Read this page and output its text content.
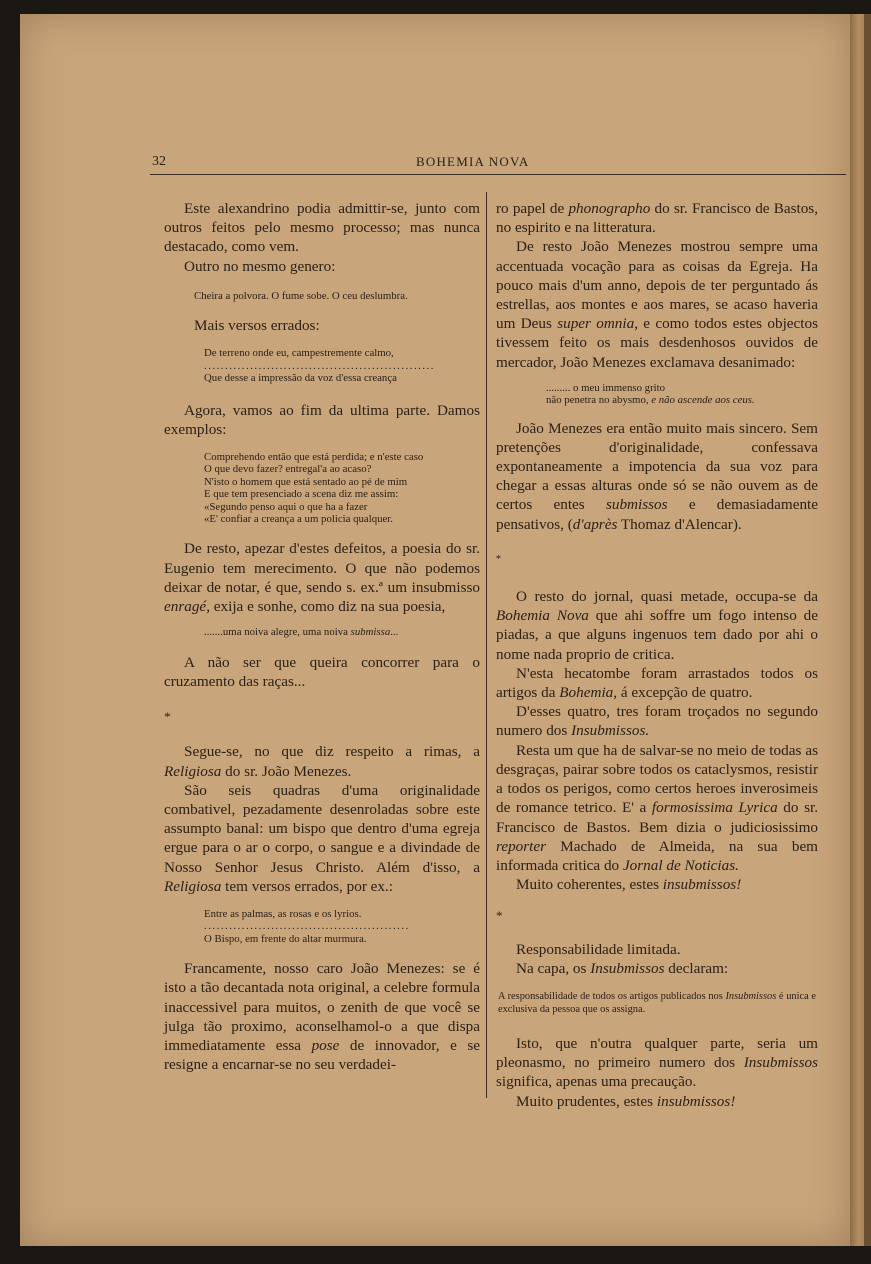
32	BOHEMIA NOVA

Este alexandrino podia admittir-se, junto com outros feitos pelo mesmo processo; mas nunca destacado, como vem.

Outro no mesmo genero:

Cheira a polvora. O fume sobe. O ceu deslumbra.

Mais versos errados:

De terreno onde eu, campestremente calmo,
.......................................................
Que desse a impressão da voz d'essa creança

Agora, vamos ao fim da ultima parte. Damos exemplos:

Comprehendo então que está perdida; e n'este caso
O que devo fazer? entregal'a ao acaso?
N'isto o homem que está sentado ao pé de mim
E que tem presenciado a scena diz me assim:
«Segundo penso aqui o que ha a fazer
«E' confiar a creança a um policia qualquer.

De resto, apezar d'estes defeitos, a poesia do sr. Eugenio tem merecimento. O que não podemos deixar de notar, é que, sendo s. ex.ª um insubmisso enragé, exija e sonhe, como diz na sua poesia,

.......uma noiva alegre, uma noiva submissa...

A não ser que queira concorrer para o cruzamento das raças...

*

Segue-se, no que diz respeito a rimas, a Religiosa do sr. João Menezes.

São seis quadras d'uma originalidade combativel, pezadamente desenroladas sobre este assumpto banal: um bispo que dentro d'uma egreja ergue para o ar o corpo, o sangue e a divindade de Nosso Senhor Jesus Christo. Além d'isso, a Religiosa tem versos errados, por ex.:

Entre as palmas, as rosas e os lyrios.
.................................................
O Bispo, em frente do altar murmura.

Francamente, nosso caro João Menezes: se é isto a tão decantada nota original, a celebre formula inaccessivel para muitos, o zenith de que você se julga tão proximo, aconselhamol-o a que dispa immediatamente essa pose de innovador, e se resigne a encarnar-se no seu verdadei-

ro papel de phonographo do sr. Francisco de Bastos, no espirito e na litteratura.

De resto João Menezes mostrou sempre uma accentuada vocação para as coisas da Egreja. Ha pouco mais d'um anno, depois de ter perguntado ás estrellas, aos montes e aos mares, se acaso haveria um Deus super omnia, e como todos estes objectos tivessem feito os mais desdenhosos ouvidos de mercador, João Menezes exclamava desanimado:

......... o meu immenso grito
não penetra no abysmo, e não ascende aos ceus.

João Menezes era então muito mais sincero. Sem pretenções d'originalidade, confessava expontaneamente a impotencia da sua voz para chegar a essas alturas onde só se não ouvem as de certos entes submissos e demasiadamente pensativos, (d'après Thomaz d'Alencar).

*

O resto do jornal, quasi metade, occupa-se da Bohemia Nova que ahi soffre um fogo intenso de piadas, a que alguns ingenuos tem dado por ahi o nome nada proprio de critica.

N'esta hecatombe foram arrastados todos os artigos da Bohemia, á excepção de quatro.

D'esses quatro, tres foram troçados no segundo numero dos Insubmissos.

Resta um que ha de salvar-se no meio de todas as desgraças, pairar sobre todos os cataclysmos, resistir a todos os perigos, como certos heroes inverosimeis de romance tetrico. E' a formosissima Lyrica do sr. Francisco de Bastos. Bem dizia o judiciosissimo reporter Machado de Almeida, na sua bem informada critica do Jornal de Noticias.

Muito coherentes, estes insubmissos!

*

Responsabilidade limitada.

Na capa, os Insubmissos declaram:

A responsabilidade de todos os artigos publicados nos Insubmissos é unica e exclusiva da pessoa que os assigna.

Isto, que n'outra qualquer parte, seria um pleonasmo, no primeiro numero dos Insubmissos significa, apenas uma precaução.

Muito prudentes, estes insubmissos!
